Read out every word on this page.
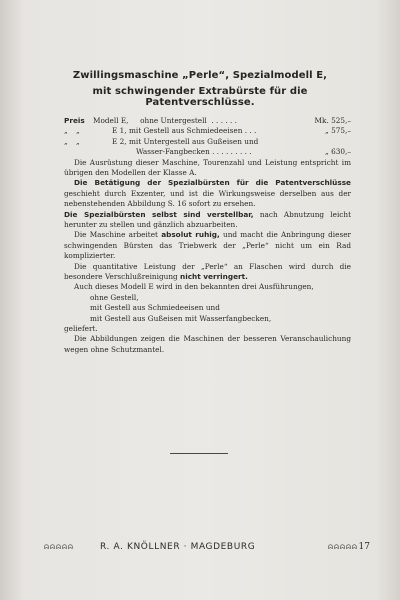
Zwillingsmaschine „Perle“, Spezialmodell E,
mit schwingender Extrabürste für die Patentverschlüsse.
Preis Modell E, ohne Untergestell . . . . . .	Mk. 525,–
„ „	E 1, mit Gestell aus Schmiedeeisen . . .	„ 575,–
„ „	E 2, mit Untergestell aus Gußeisen und
Wasser-Fangbecken . . . . . . . . .	„ 630,–

Die Ausrüstung dieser Maschine, Tourenzahl und Leistung entspricht im übrigen den Modellen der Klasse A.

Die Betätigung der Spezialbürsten für die Patentverschlüsse geschieht durch Exzenter, und ist die Wirkungsweise derselben aus der nebenstehenden Abbildung S. 16 sofort zu ersehen.

Die Spezialbürsten selbst sind verstellbar, nach Abnutzung leicht herunter zu stellen und gänzlich abzuarbeiten.

Die Maschine arbeitet absolut ruhig, und macht die Anbringung dieser schwingenden Bürsten das Triebwerk der „Perle“ nicht um ein Rad komplizierter.

Die quantitative Leistung der „Perle“ an Flaschen wird durch die besondere Verschlußreinigung nicht verringert.

Auch dieses Modell E wird in den bekannten drei Ausführungen,

ohne Gestell,
mit Gestell aus Schmiedeeisen und
mit Gestell aus Gußeisen mit Wasserfangbecken,

geliefert.

Die Abbildungen zeigen die Maschinen der besseren Veranschaulichung wegen ohne Schutzmantel.

ᗣᗣᗣᗣᗣ	R. A. KNÖLLNER · MAGDEBURG	ᗣᗣᗣᗣᗣ 17
